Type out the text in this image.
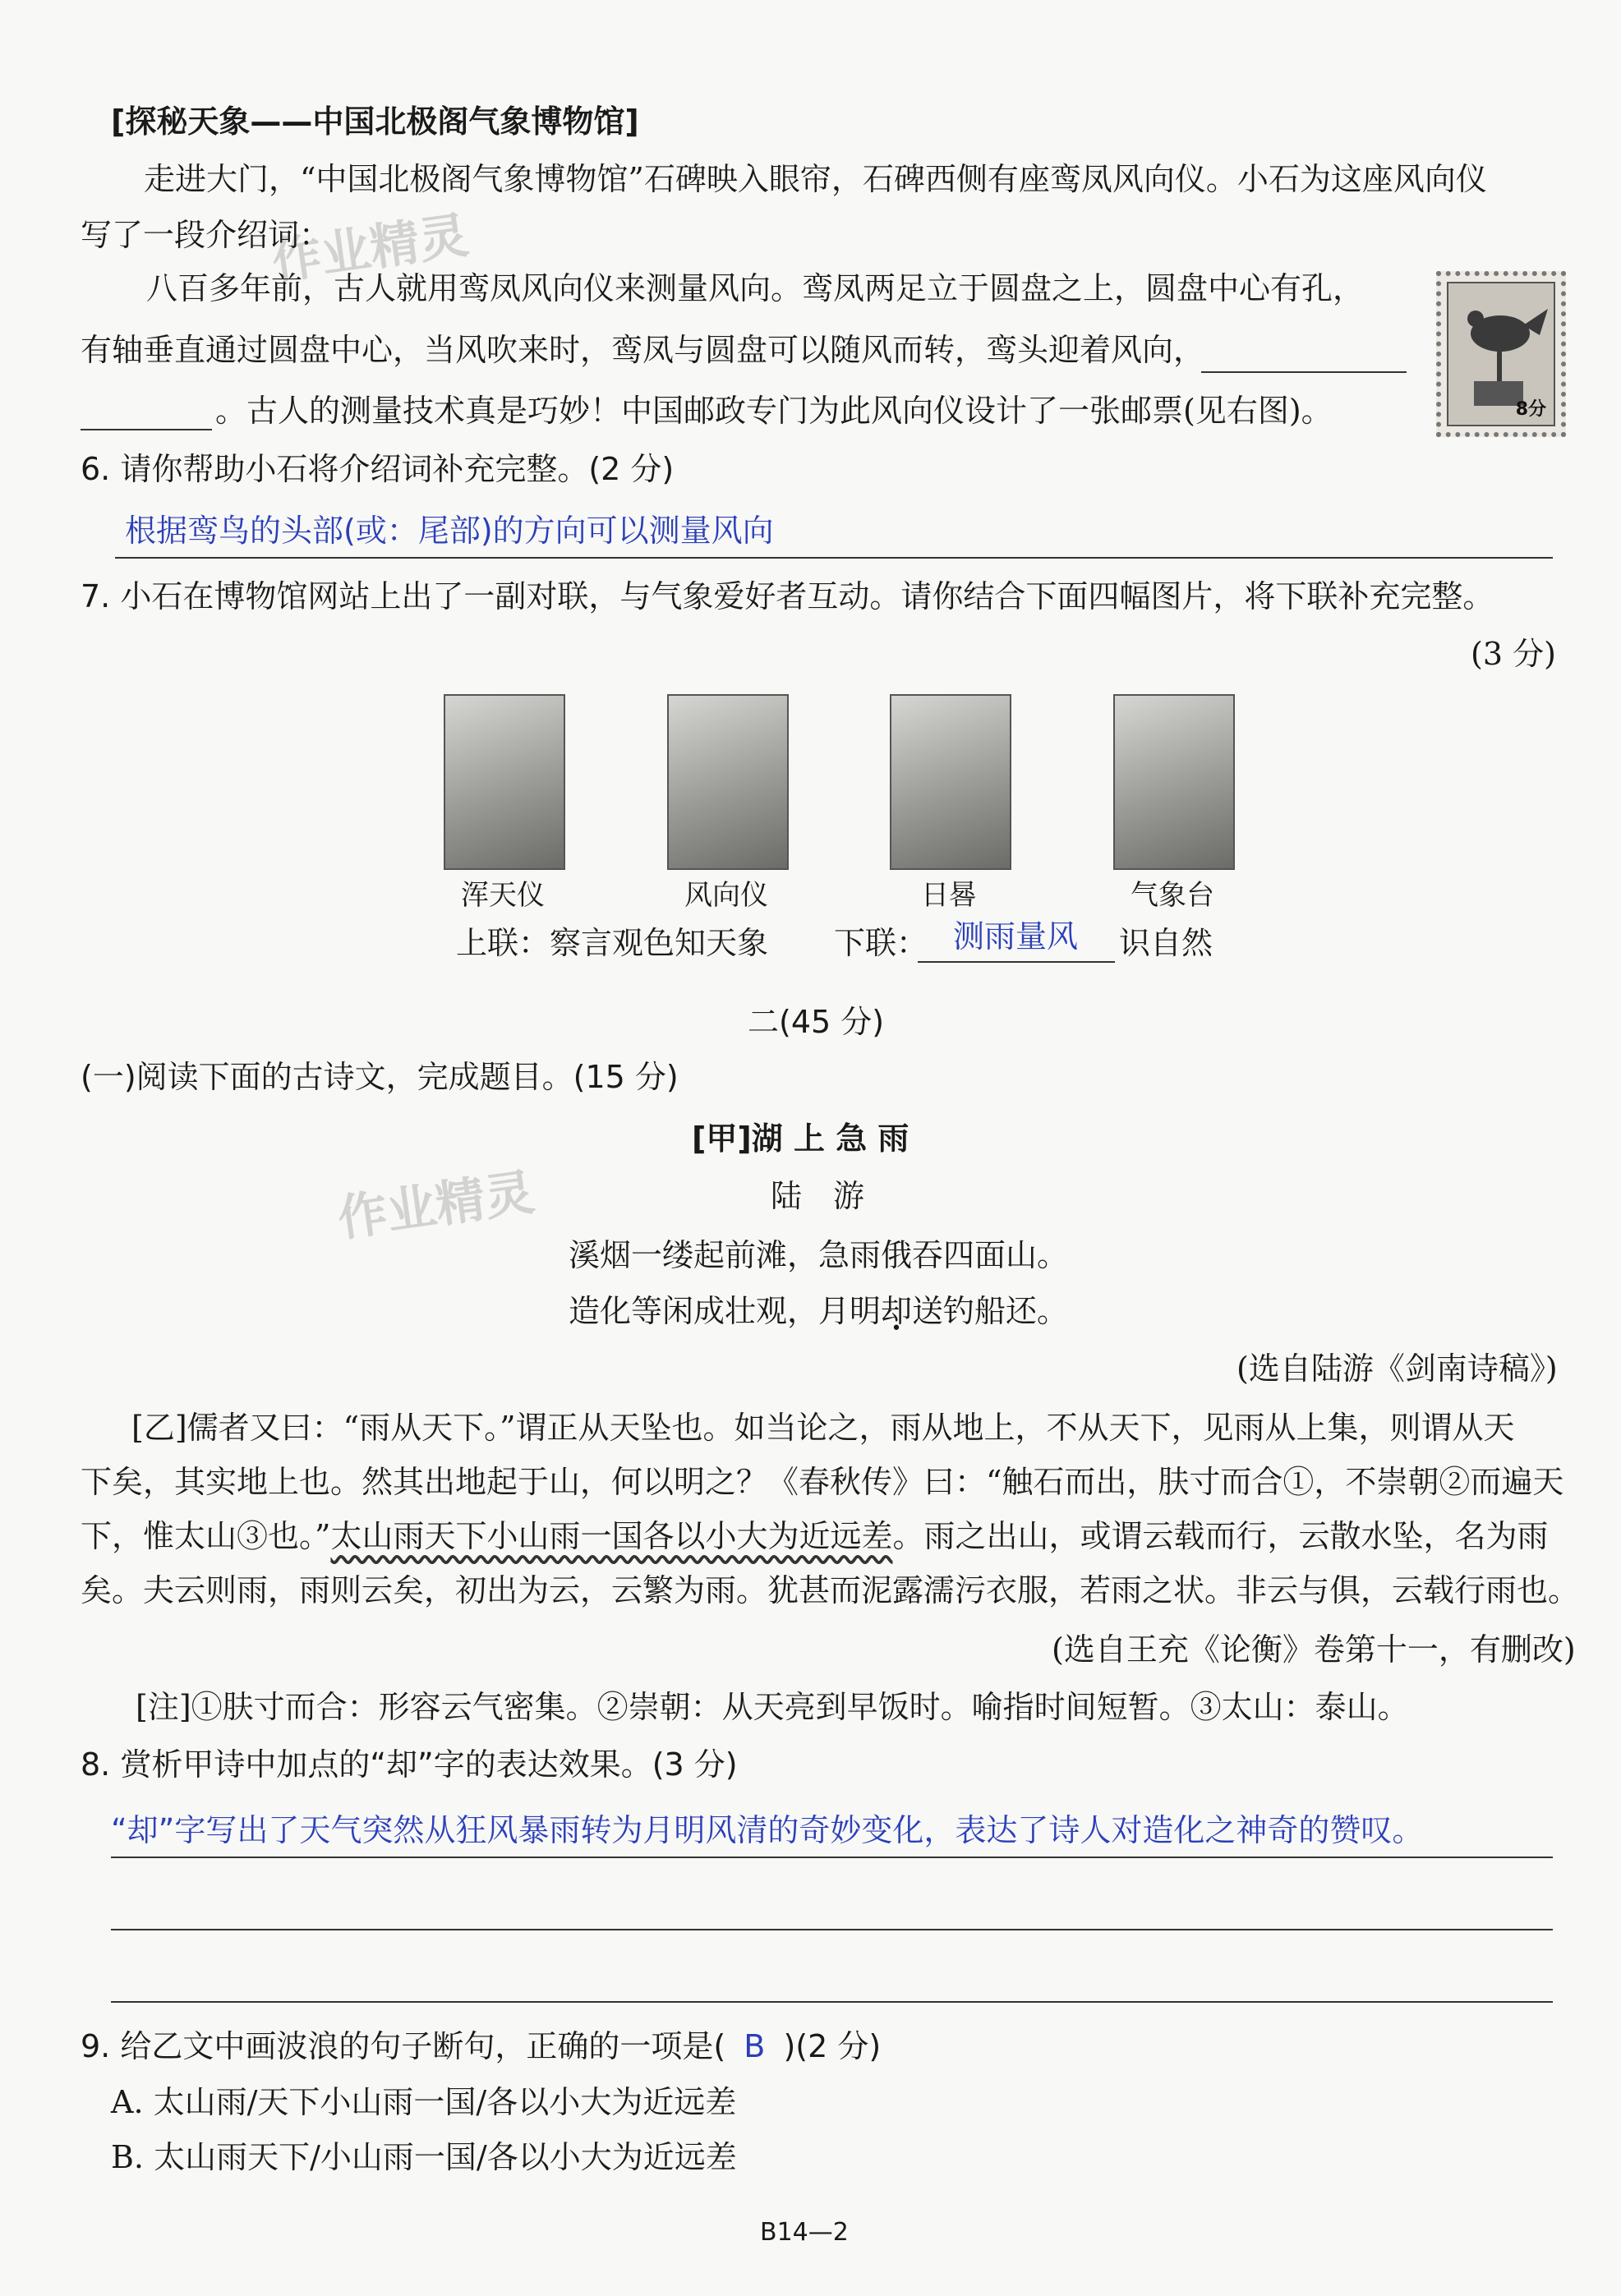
作业精灵
作业精灵
[探秘天象——中国北极阁气象博物馆]
走进大门，“中国北极阁气象博物馆”石碑映入眼帘，石碑西侧有座鸾凤风向仪。小石为这座风向仪
写了一段介绍词：
八百多年前，古人就用鸾凤风向仪来测量风向。鸾凤两足立于圆盘之上，圆盘中心有孔，
有轴垂直通过圆盘中心，当风吹来时，鸾凤与圆盘可以随风而转，鸾头迎着风向，
。古人的测量技术真是巧妙！中国邮政专门为此风向仪设计了一张邮票(见右图)。	8分
6. 请你帮助小石将介绍词补充完整。(2 分)
根据鸾鸟的头部(或：尾部)的方向可以测量风向
7. 小石在博物馆网站上出了一副对联，与气象爱好者互动。请你结合下面四幅图片，将下联补充完整。
(3 分)
浑天仪	风向仪	日晷	气象台
上联：察言观色知天象 下联： 测雨量风 识自然
二(45 分)
(一)阅读下面的古诗文，完成题目。(15 分)
[甲]湖 上 急 雨
陆　游
溪烟一缕起前滩，急雨俄吞四面山。
造化等闲成壮观，月明却送钓船还。
(选自陆游《剑南诗稿》)
[乙]儒者又曰：“雨从天下。”谓正从天坠也。如当论之，雨从地上，不从天下，见雨从上集，则谓从天
下矣，其实地上也。然其出地起于山，何以明之？《春秋传》曰：“触石而出，肤寸而合①，不崇朝②而遍天
下，惟太山③也。”太山雨天下小山雨一国各以小大为近远差。雨之出山，或谓云载而行，云散水坠，名为雨
矣。夫云则雨，雨则云矣，初出为云，云繁为雨。犹甚而泥露濡污衣服，若雨之状。非云与俱，云载行雨也。
(选自王充《论衡》卷第十一，有删改)
[注]①肤寸而合：形容云气密集。②崇朝：从天亮到早饭时。喻指时间短暂。③太山：泰山。
8. 赏析甲诗中加点的“却”字的表达效果。(3 分)
“却”字写出了天气突然从狂风暴雨转为月明风清的奇妙变化，表达了诗人对造化之神奇的赞叹。
9. 给乙文中画波浪的句子断句，正确的一项是( B )(2 分)
A. 太山雨/天下小山雨一国/各以小大为近远差
B. 太山雨天下/小山雨一国/各以小大为近远差
B14—2
